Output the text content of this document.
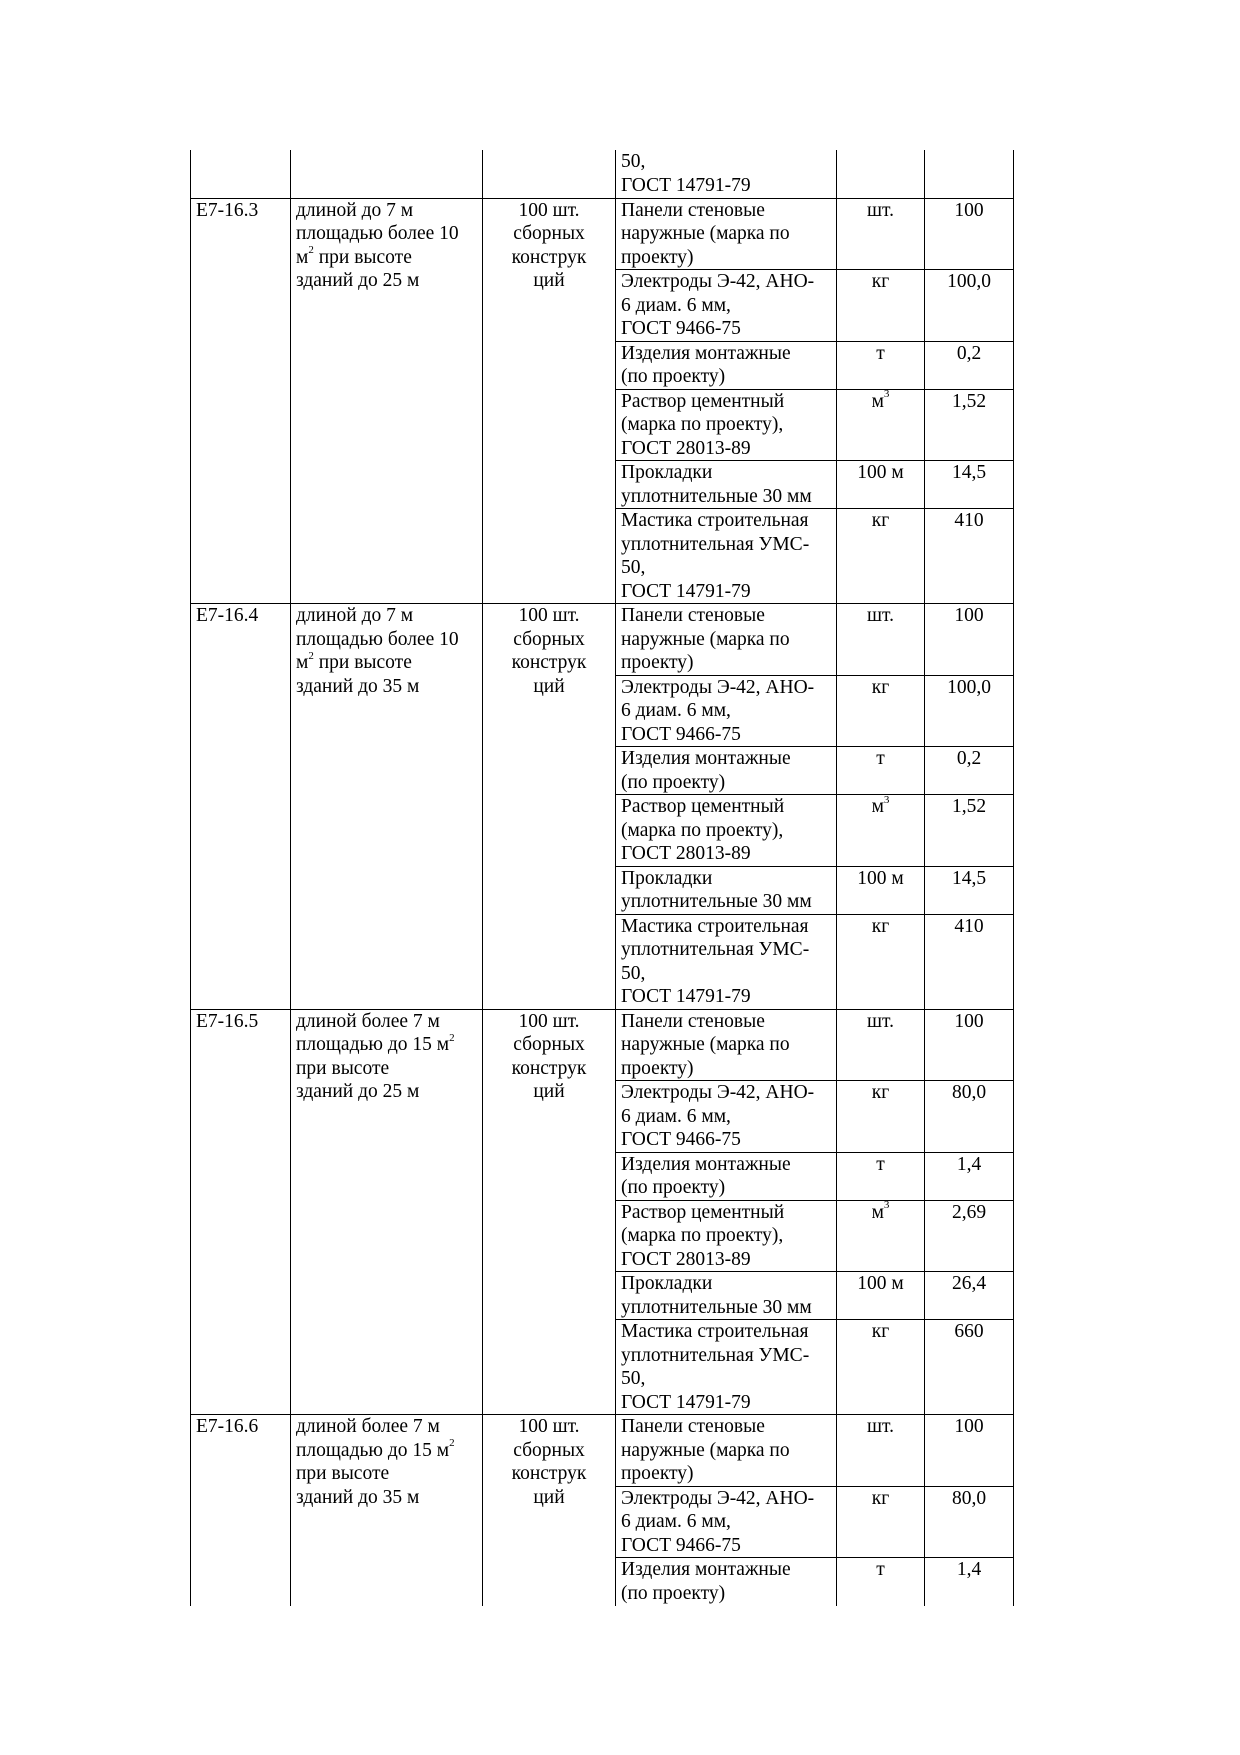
			50,
ГОСТ 14791-79		

Е7-16.3	длиной до 7 м
площадью более 10
$м^2$ при высоте
зданий до 25 м	100 шт.
сборных
конструк
ций	Панели стеновые
наружные (марка по
проекту)	шт.	100

			Электроды Э-42, АНО-
6 диам. 6 мм,
ГОСТ 9466-75	кг	100,0

			Изделия монтажные
(по проекту)	т	0,2

			Раствор цементный
(марка по проекту),
ГОСТ 28013-89	$м^3$	1,52

			Прокладки
уплотнительные 30 мм	100 м	14,5

			Мастика строительная
уплотнительная УМС-
50,
ГОСТ 14791-79	кг	410
Е7-16.4	длиной до 7 м
площадью более 10
$м^2$ при высоте
зданий до 35 м	100 шт.
сборных
конструк
ций	Панели стеновые
наружные (марка по
проекту)	шт.	100

			Электроды Э-42, АНО-
6 диам. 6 мм,
ГОСТ 9466-75	кг	100,0

			Изделия монтажные
(по проекту)	т	0,2

			Раствор цементный
(марка по проекту),
ГОСТ 28013-89	$м^3$	1,52

			Прокладки
уплотнительные 30 мм	100 м	14,5

			Мастика строительная
уплотнительная УМС-
50,
ГОСТ 14791-79	кг	410
Е7-16.5	длиной более 7 м
площадью до 15 $м^2$
при высоте
зданий до 25 м	100 шт.
сборных
конструк
ций	Панели стеновые
наружные (марка по
проекту)	шт.	100

			Электроды Э-42, АНО-
6 диам. 6 мм,
ГОСТ 9466-75	кг	80,0

			Изделия монтажные
(по проекту)	т	1,4

			Раствор цементный
(марка по проекту),
ГОСТ 28013-89	$м^3$	2,69

			Прокладки
уплотнительные 30 мм	100 м	26,4

			Мастика строительная
уплотнительная УМС-
50,
ГОСТ 14791-79	кг	660
Е7-16.6	длиной более 7 м
площадью до 15 $м^2$
при высоте
зданий до 35 м	100 шт.
сборных
конструк
ций	Панели стеновые
наружные (марка по
проекту)	шт.	100

			Электроды Э-42, АНО-
6 диам. 6 мм,
ГОСТ 9466-75	кг	80,0

			Изделия монтажные
(по проекту)	т	1,4
